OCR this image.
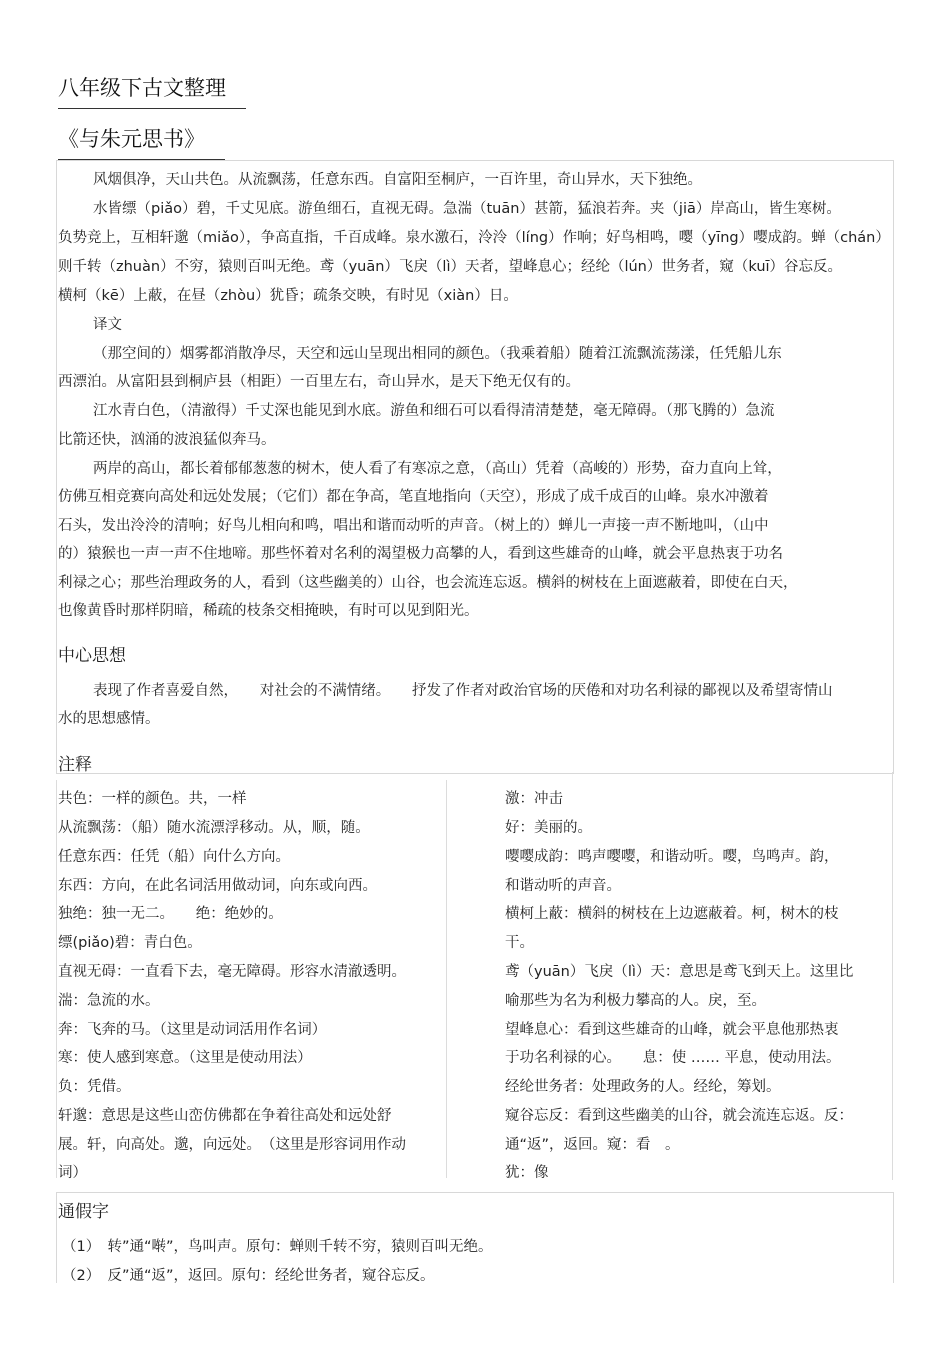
八年级下古文整理
《与朱元思书》
风烟俱净，天山共色。从流飘荡，任意东西。自富阳至桐庐，一百许里，奇山异水，天下独绝。
水皆缥（piǎo）碧，千丈见底。游鱼细石，直视无碍。急湍（tuān）甚箭，猛浪若奔。夹（jiā）岸高山，皆生寒树。
负势竞上，互相轩邈（miǎo），争高直指，千百成峰。泉水激石，泠泠（líng）作响；好鸟相鸣，嘤（yīng）嘤成韵。蝉（chán）
则千转（zhuàn）不穷，猿则百叫无绝。鸢（yuān）飞戾（lì）天者，望峰息心；经纶（lún）世务者，窥（kuī）谷忘反。
横柯（kē）上蔽，在昼（zhòu）犹昏；疏条交映，有时见（xiàn）日。
译文
（那空间的）烟雾都消散净尽，天空和远山呈现出相同的颜色。（我乘着船）随着江流飘流荡漾，任凭船儿东
西漂泊。从富阳县到桐庐县（相距）一百里左右，奇山异水，是天下绝无仅有的。
江水青白色，（清澈得）千丈深也能见到水底。游鱼和细石可以看得清清楚楚，毫无障碍。（那飞腾的）急流
比箭还快，汹涌的波浪猛似奔马。
两岸的高山，都长着郁郁葱葱的树木，使人看了有寒凉之意，（高山）凭着（高峻的）形势，奋力直向上耸，
仿佛互相竞赛向高处和远处发展；（它们）都在争高，笔直地指向（天空），形成了成千成百的山峰。泉水冲激着
石头，发出泠泠的清响；好鸟儿相向和鸣，唱出和谐而动听的声音。（树上的）蝉儿一声接一声不断地叫，（山中
的）猿猴也一声一声不住地啼。那些怀着对名利的渴望极力高攀的人，看到这些雄奇的山峰，就会平息热衷于功名
利禄之心；那些治理政务的人，看到（这些幽美的）山谷，也会流连忘返。横斜的树枝在上面遮蔽着，即使在白天，
也像黄昏时那样阴暗，稀疏的枝条交相掩映，有时可以见到阳光。
中心思想
表现了作者喜爱自然，　　对社会的不满情绪。　　抒发了作者对政治官场的厌倦和对功名利禄的鄙视以及希望寄情山
水的思想感情。
注释
共色：一样的颜色。共，一样
从流飘荡：（船）随水流漂浮移动。从，顺，随。
任意东西：任凭（船）向什么方向。
东西：方向，在此名词活用做动词，向东或向西。
独绝：独一无二。　　绝：绝妙的。
缥(piǎo)碧：青白色。
直视无碍：一直看下去，毫无障碍。形容水清澈透明。
湍：急流的水。
奔：飞奔的马。（这里是动词活用作名词）
寒：使人感到寒意。（这里是使动用法）
负：凭借。
轩邈：意思是这些山峦仿佛都在争着往高处和远处舒
展。轩，向高处。邈，向远处。　（这里是形容词用作动
词）
激：冲击
好：美丽的。
嘤嘤成韵：鸣声嘤嘤，和谐动听。嘤，鸟鸣声。韵，
和谐动听的声音。
横柯上蔽：横斜的树枝在上边遮蔽着。柯，树木的枝
干。
鸢（yuān）飞戾（lì）天：意思是鸢飞到天上。这里比
喻那些为名为利极力攀高的人。戾，至。
望峰息心：看到这些雄奇的山峰，就会平息他那热衷
于功名利禄的心。　　息：使 …… 平息，使动用法。
经纶世务者：处理政务的人。经纶，筹划。
窥谷忘反：看到这些幽美的山谷，就会流连忘返。反：
通“返”，返回。窥：看　。
犹：像
通假字
（1）　转”通“啭”，鸟叫声。原句：蝉则千转不穷，猿则百叫无绝。
（2）　反”通“返”，返回。原句：经纶世务者，窥谷忘反。
